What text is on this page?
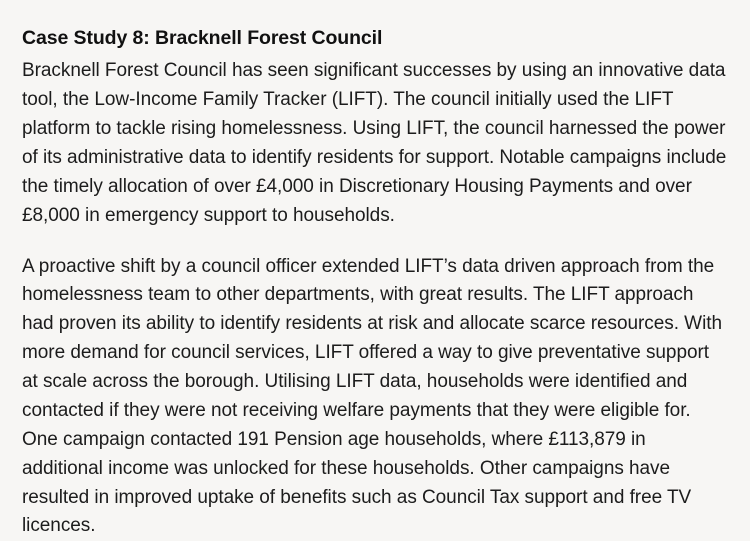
Case Study 8: Bracknell Forest Council

Bracknell Forest Council has seen significant successes by using an innovative data tool, the Low-Income Family Tracker (LIFT). The council initially used the LIFT platform to tackle rising homelessness. Using LIFT, the council harnessed the power of its administrative data to identify residents for support. Notable campaigns include the timely allocation of over £4,000 in Discretionary Housing Payments and over £8,000 in emergency support to households.

A proactive shift by a council officer extended LIFT’s data driven approach from the homelessness team to other departments, with great results. The LIFT approach had proven its ability to identify residents at risk and allocate scarce resources. With more demand for council services, LIFT offered a way to give preventative support at scale across the borough. Utilising LIFT data, households were identified and contacted if they were not receiving welfare payments that they were eligible for. One campaign contacted 191 Pension age households, where £113,879 in additional income was unlocked for these households. Other campaigns have resulted in improved uptake of benefits such as Council Tax support and free TV licences.
